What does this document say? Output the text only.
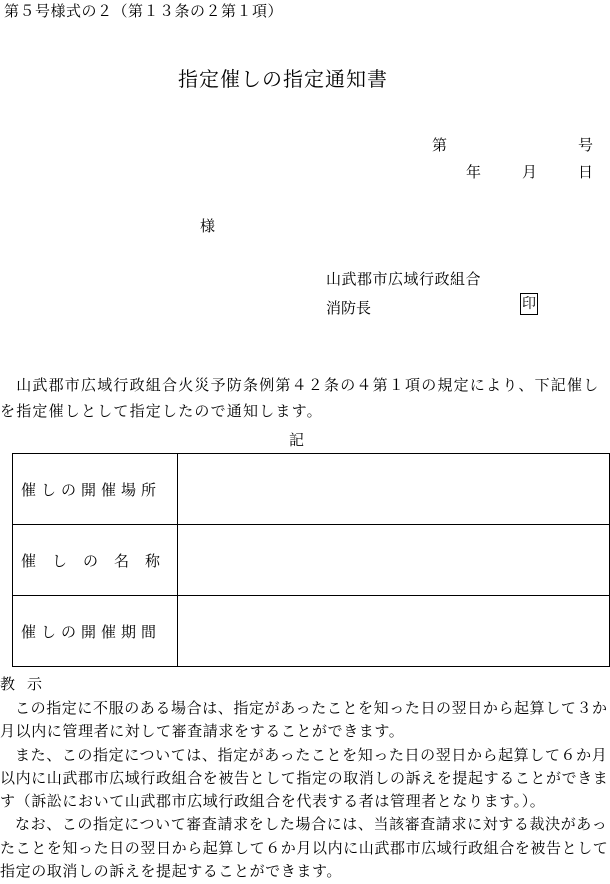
第５号様式の２（第１３条の２第１項）
指定催しの指定通知書
第	号
年	月	日
様
山武郡市広域行政組合
消防長	印
　山武郡市広域行政組合火災予防条例第４２条の４第１項の規定により、下記催しを指定催しとして指定したので通知します。
記
催しの開催場所	
催しの名称	
催しの開催期間	
教示

この指定に不服のある場合は、指定があったことを知った日の翌日から起算して３か月以内に管理者に対して審査請求をすることができます。

また、この指定については、指定があったことを知った日の翌日から起算して６か月以内に山武郡市広域行政組合を被告として指定の取消しの訴えを提起することができます（訴訟において山武郡市広域行政組合を代表する者は管理者となります。）。

なお、この指定について審査請求をした場合には、当該審査請求に対する裁決があったことを知った日の翌日から起算して６か月以内に山武郡市広域行政組合を被告として指定の取消しの訴えを提起することができます。
